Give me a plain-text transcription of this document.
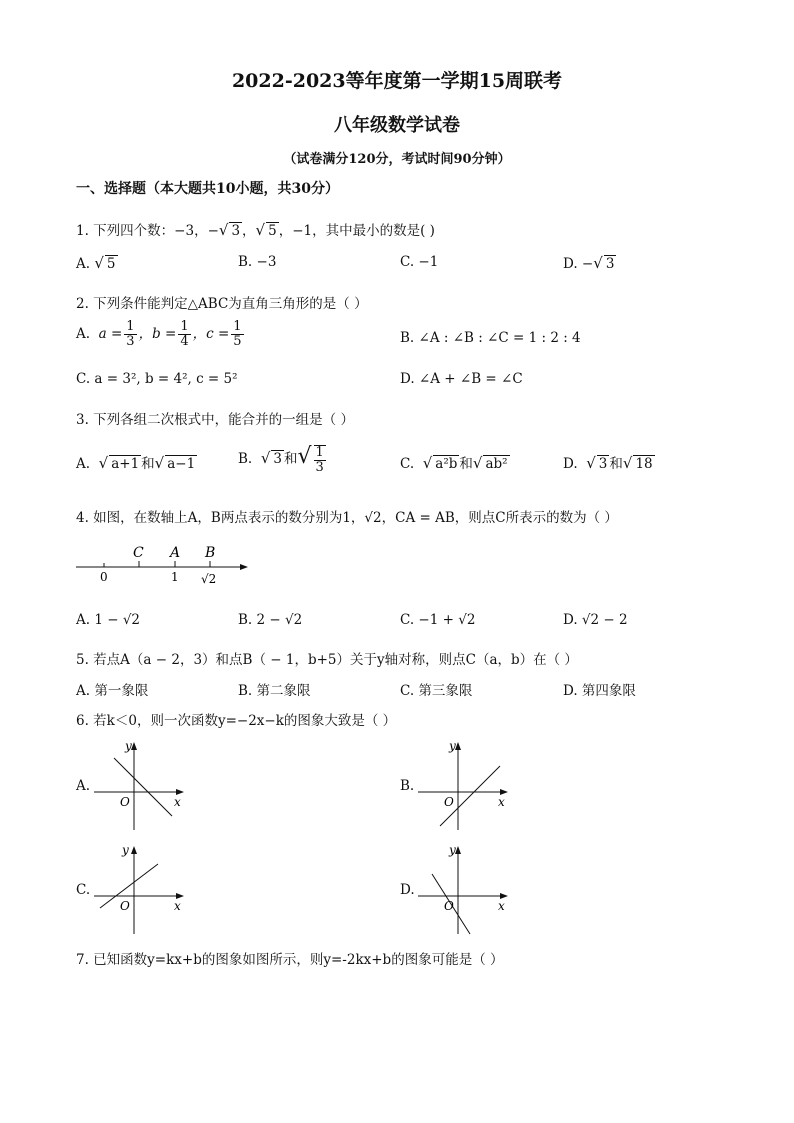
2022-2023等年度第一学期15周联考
八年级数学试卷
（试卷满分120分，考试时间90分钟）
一、选择题（本大题共10小题，共30分）
1. 下列四个数：−3，−√ 3 ，√ 5 ，−1，其中最小的数是( )
A. √ 5	B. −3	C. −1	D. −√ 3
2. 下列条件能判定△ABC为直角三角形的是（ ）
A. $a = \frac{1}{3}$ ，$b = \frac{1}{4}$ ，$c = \frac{1}{5}$	B. ∠A : ∠B : ∠C = 1 : 2 : 4
C. a = 3², b = 4², c = 5²	D. ∠A + ∠B = ∠C
3. 下列各组二次根式中，能合并的一组是（ ）
A. √ a+1 和√ a−1	B. √ 3 和√ $\frac{1}{3}$	C. √ a²b 和√ ab²	D. √ 3 和√ 18
4. 如图，在数轴上A，B两点表示的数分别为1，√2，CA = AB，则点C所表示的数为（ ）
C A B
0	1 √2
A. 1 − √2	B. 2 − √2	C. −1 + √2	D. √2 − 2
5. 若点A（a − 2，3）和点B（ − 1，b+5）关于y轴对称，则点C（a，b）在（ ）
A. 第一象限	B. 第二象限	C. 第三象限	D. 第四象限
6. 若k＜0，则一次函数y=−2x−k的图象大致是（ ）
A.
y
x
O
B.
y
x
O
C.
y
x
O
D.
y
x
O
7. 已知函数y=kx+b的图象如图所示，则y=-2kx+b的图象可能是（ ）
